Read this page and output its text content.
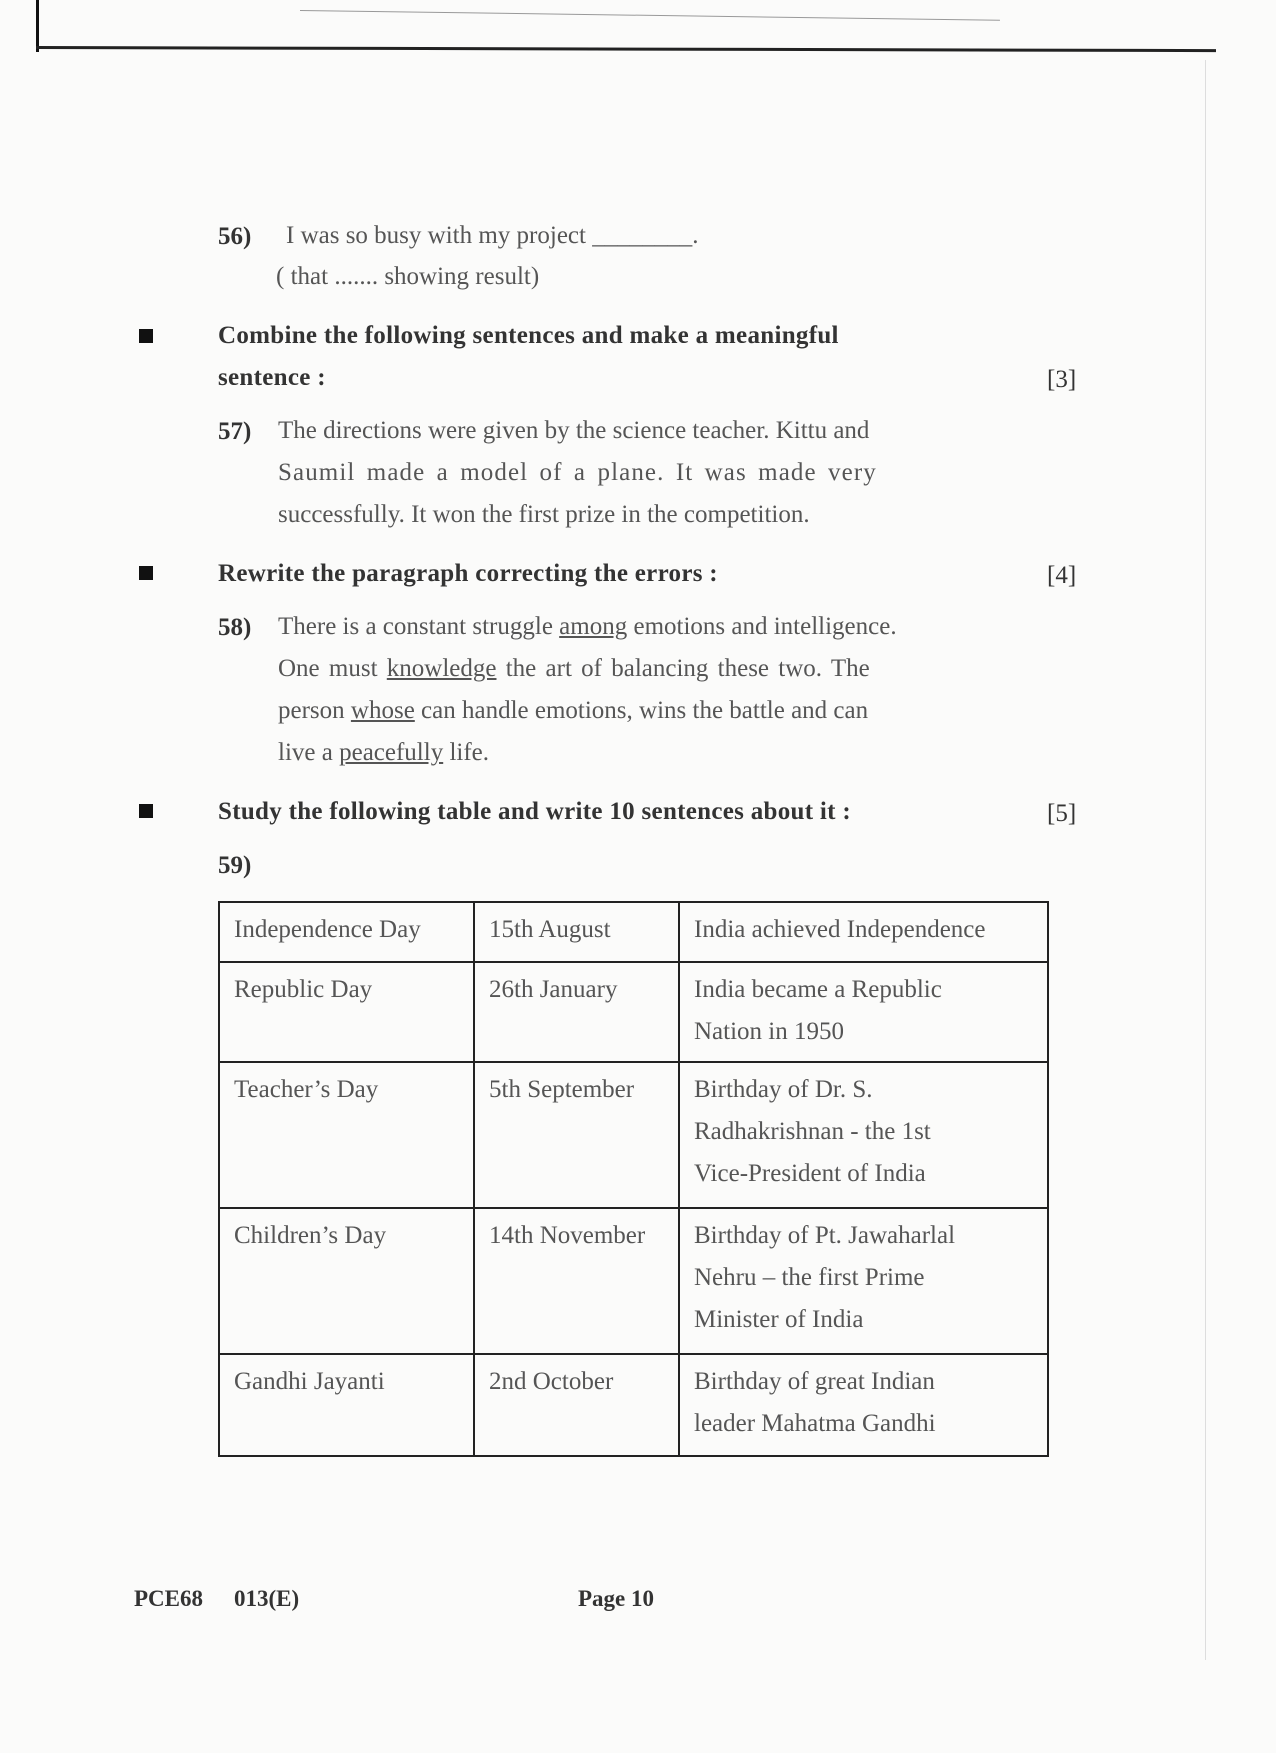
56) I was so busy with my project ________.
( that ....... showing result)
Combine the following sentences and make a meaningful
sentence :	[3]
57) The directions were given by the science teacher. Kittu and
Saumil made a model of a plane. It was made very
successfully. It won the first prize in the competition.
Rewrite the paragraph correcting the errors :	[4]
58) There is a constant struggle among emotions and intelligence.
One must knowledge the art of balancing these two. The
person whose can handle emotions, wins the battle and can
live a peacefully life.
Study the following table and write 10 sentences about it :	[5]
59)
Independence Day	15th August	India achieved Independence

Republic Day	26th January	India became a Republic
Nation in 1950

Teacher’s Day	5th September	Birthday of Dr. S.
Radhakrishnan - the 1st
Vice-President of India

Children’s Day	14th November	Birthday of Pt. Jawaharlal
Nehru – the first Prime
Minister of India

Gandhi Jayanti	2nd October	Birthday of great Indian
leader Mahatma Gandhi
PCE68 013(E)	Page 10
